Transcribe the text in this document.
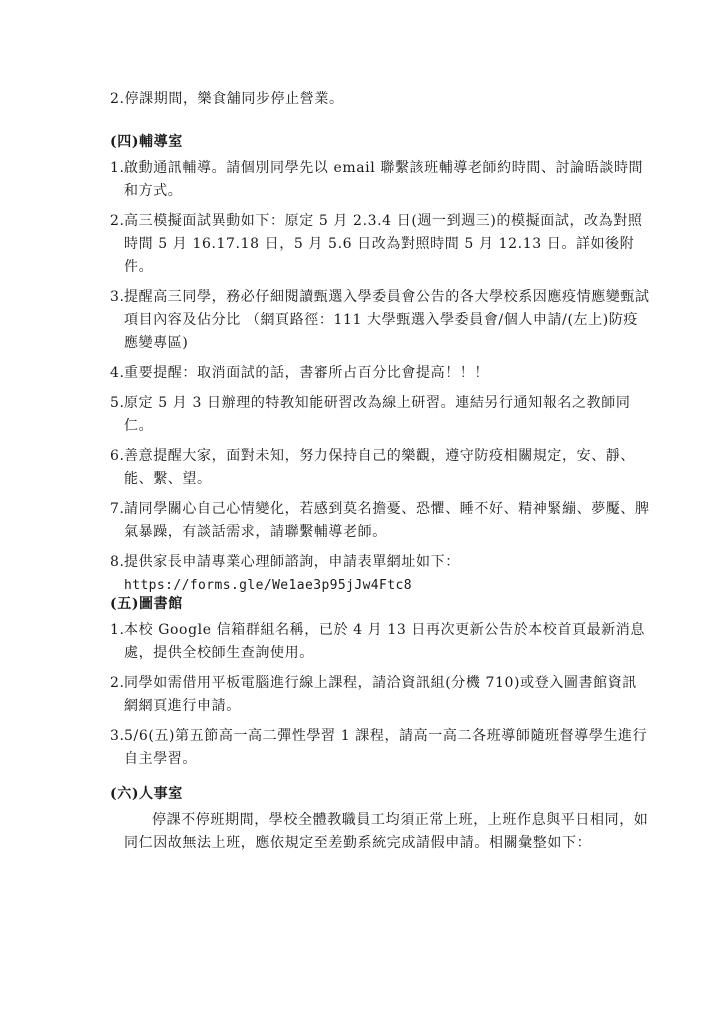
2.停課期間，樂食舖同步停止營業。
(四)輔導室
1. 啟動通訊輔導。請個別同學先以 email 聯繫該班輔導老師約時間、討論晤談時間和方式。
2. 高三模擬面試異動如下：原定 5 月 2.3.4 日(週一到週三)的模擬面試，改為對照時間 5 月 16.17.18 日，5 月 5.6 日改為對照時間 5 月 12.13 日。詳如後附件。
3. 提醒高三同學，務必仔細閱讀甄選入學委員會公告的各大學校系因應疫情應變甄試項目內容及佔分比 （網頁路徑：111 大學甄選入學委員會/個人申請/(左上)防疫應變專區)
4. 重要提醒：取消面試的話，書審所占百分比會提高！！！
5. 原定 5 月 3 日辦理的特教知能研習改為線上研習。連結另行通知報名之教師同仁。
6. 善意提醒大家，面對未知，努力保持自己的樂觀，遵守防疫相關規定，安、靜、能、繫、望。
7. 請同學關心自己心情變化，若感到莫名擔憂、恐懼、睡不好、精神緊繃、夢魘、脾氣暴躁，有談話需求，請聯繫輔導老師。
8. 提供家長申請專業心理師諮詢，申請表單網址如下：
https://forms.gle/We1ae3p95jJw4Ftc8
(五)圖書館
1. 本校 Google 信箱群組名稱，已於 4 月 13 日再次更新公告於本校首頁最新消息處，提供全校師生查詢使用。
2. 同學如需借用平板電腦進行線上課程，請洽資訊組(分機 710)或登入圖書館資訊網網頁進行申請。
3. 5/6(五)第五節高一高二彈性學習 1 課程，請高一高二各班導師隨班督導學生進行自主學習。
(六)人事室
停課不停班期間，學校全體教職員工均須正常上班，上班作息與平日相同，如同仁因故無法上班，應依規定至差勤系統完成請假申請。相關彙整如下：
